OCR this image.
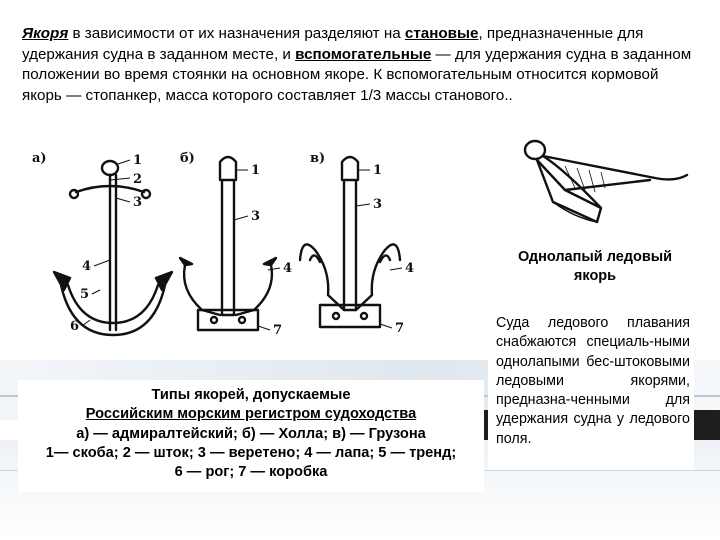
Якоря в зависимости от их назначения разделяют на становые, предназначенные для удержания судна в заданном месте, и вспомогательные — для удержания судна в заданном положении во время стоянки на основном якоре. К вспомогательным относится кормовой якорь — стопанкер, масса которого составляет 1/3 массы станового..
а)	б)	в)
1
2
3
4
5
6
1
3
4
7
1
3
4
7
Однолапый ледовый якорь
Суда ледового плавания снабжаются специаль-ными однолапыми бес-штоковыми ледовыми якорями, предназна-ченными для удержания судна у ледового поля.
Типы якорей, допускаемые
Российским морским регистром судоходства
а) — адмиралтейский; б) — Холла; в) — Грузона
1— скоба; 2 — шток; 3 — веретено; 4 — лапа; 5 — тренд;
6 — рог; 7 — коробка
